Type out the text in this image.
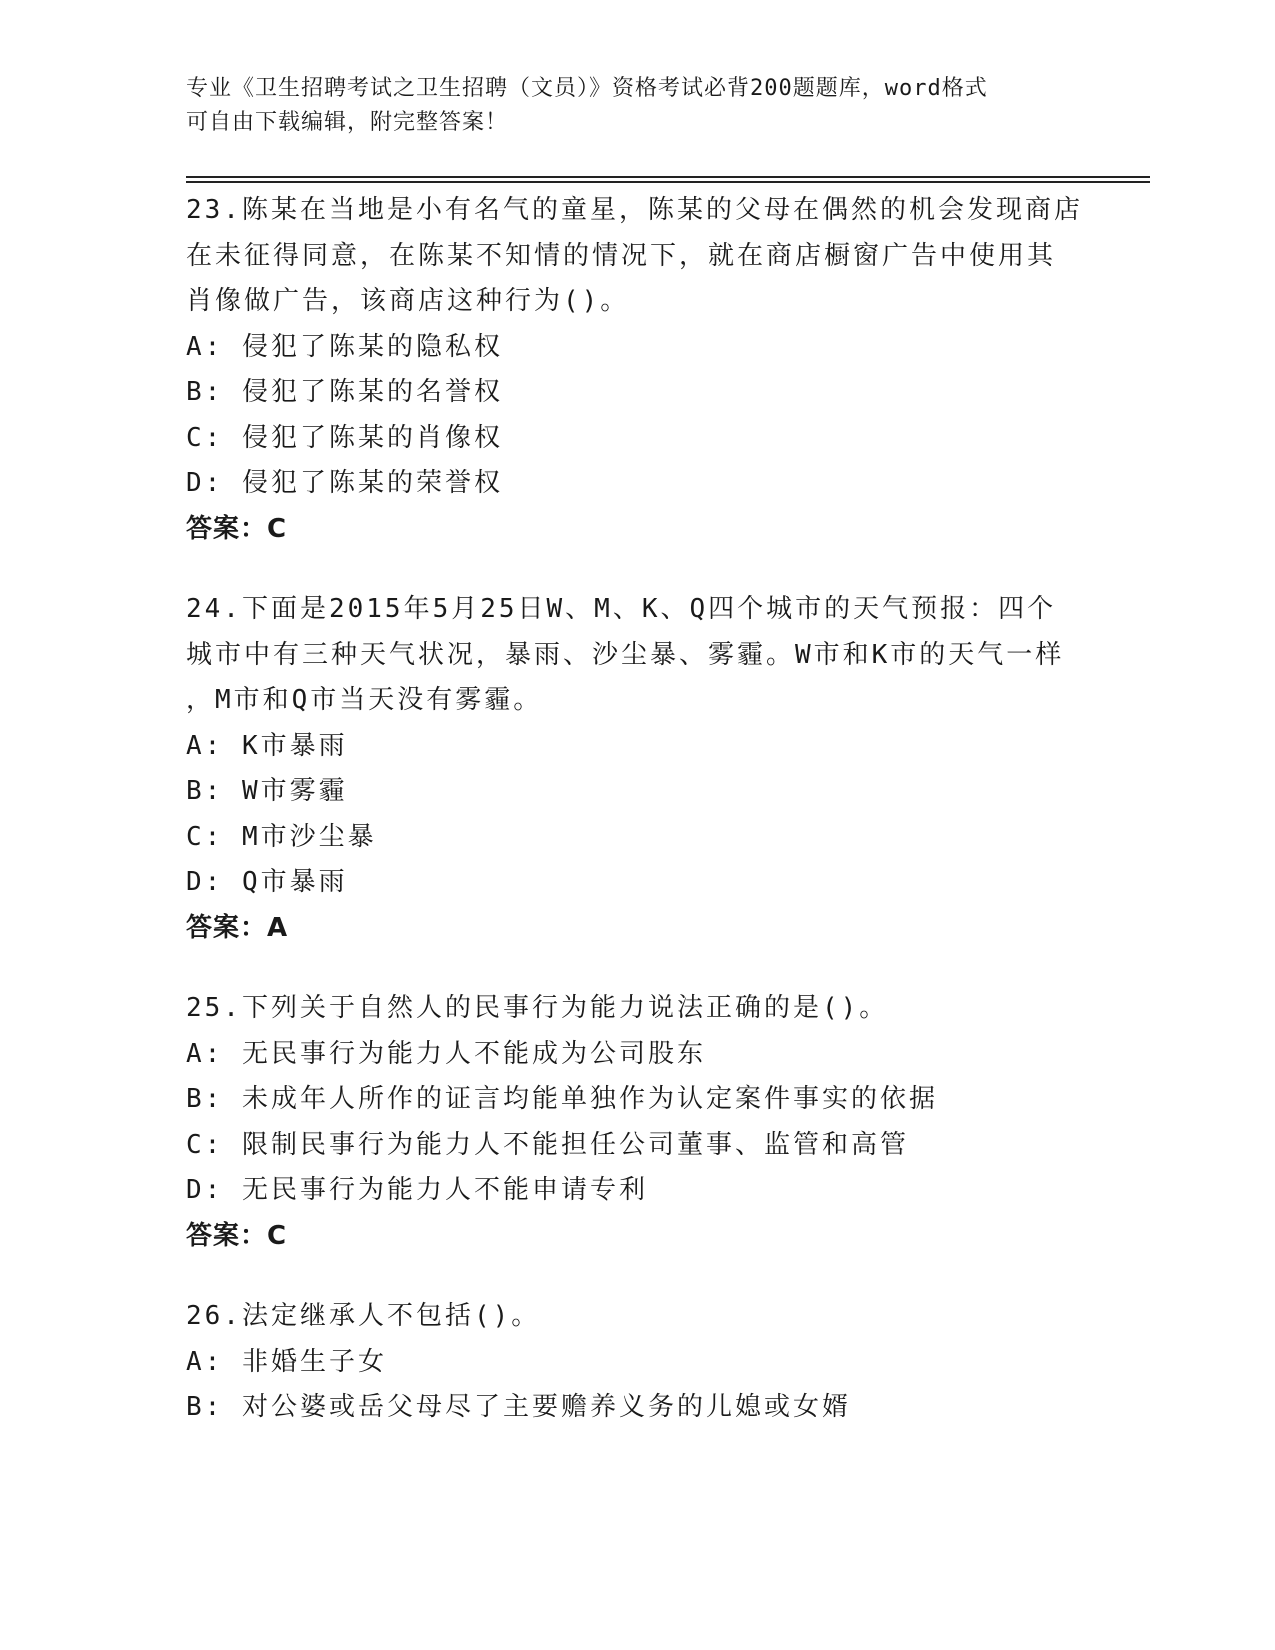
专业《卫生招聘考试之卫生招聘（文员）》资格考试必背200题题库，word格式
可自由下载编辑，附完整答案！
23.陈某在当地是小有名气的童星，陈某的父母在偶然的机会发现商店
在未征得同意，在陈某不知情的情况下，就在商店橱窗广告中使用其
肖像做广告，该商店这种行为()。
A: 侵犯了陈某的隐私权
B: 侵犯了陈某的名誉权
C: 侵犯了陈某的肖像权
D: 侵犯了陈某的荣誉权
答案：C
24.下面是2015年5月25日W、M、K、Q四个城市的天气预报：四个
城市中有三种天气状况，暴雨、沙尘暴、雾霾。W市和K市的天气一样
，M市和Q市当天没有雾霾。
A: K市暴雨
B: W市雾霾
C: M市沙尘暴
D: Q市暴雨
答案：A
25.下列关于自然人的民事行为能力说法正确的是()。
A: 无民事行为能力人不能成为公司股东
B: 未成年人所作的证言均能单独作为认定案件事实的依据
C: 限制民事行为能力人不能担任公司董事、监管和高管
D: 无民事行为能力人不能申请专利
答案：C
26.法定继承人不包括()。
A: 非婚生子女
B: 对公婆或岳父母尽了主要赡养义务的儿媳或女婿
